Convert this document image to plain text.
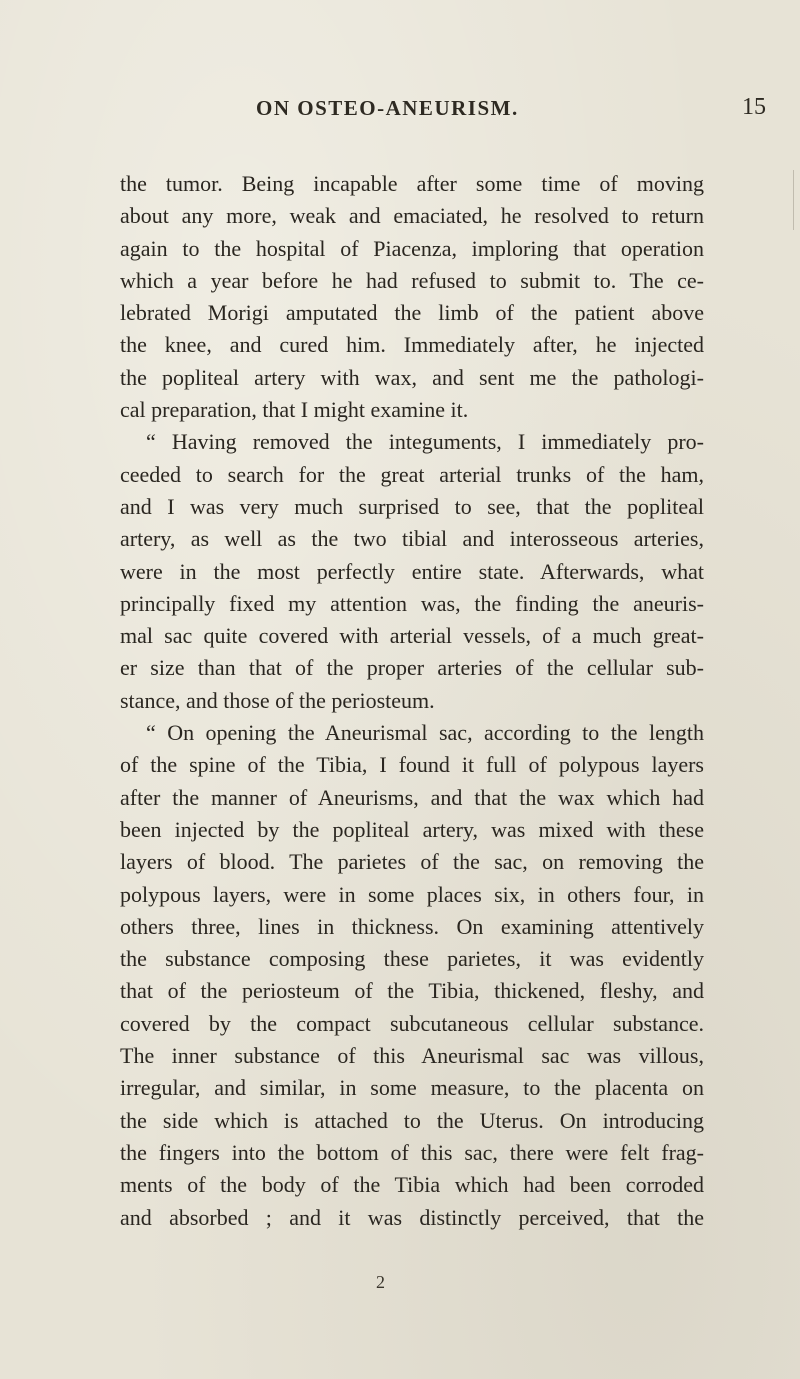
ON OSTEO-ANEURISM.	15
the tumor. Being incapable after some time of moving
about any more, weak and emaciated, he resolved to return
again to the hospital of Piacenza, imploring that operation
which a year before he had refused to submit to. The ce-
lebrated Morigi amputated the limb of the patient above
the knee, and cured him. Immediately after, he injected
the popliteal artery with wax, and sent me the pathologi-
cal preparation, that I might examine it.
“ Having removed the integuments, I immediately pro-
ceeded to search for the great arterial trunks of the ham,
and I was very much surprised to see, that the popliteal
artery, as well as the two tibial and interosseous arteries,
were in the most perfectly entire state. Afterwards, what
principally fixed my attention was, the finding the aneuris-
mal sac quite covered with arterial vessels, of a much great-
er size than that of the proper arteries of the cellular sub-
stance, and those of the periosteum.
“ On opening the Aneurismal sac, according to the length
of the spine of the Tibia, I found it full of polypous layers
after the manner of Aneurisms, and that the wax which had
been injected by the popliteal artery, was mixed with these
layers of blood. The parietes of the sac, on removing the
polypous layers, were in some places six, in others four, in
others three, lines in thickness. On examining attentively
the substance composing these parietes, it was evidently
that of the periosteum of the Tibia, thickened, fleshy, and
covered by the compact subcutaneous cellular substance.
The inner substance of this Aneurismal sac was villous,
irregular, and similar, in some measure, to the placenta on
the side which is attached to the Uterus. On introducing
the fingers into the bottom of this sac, there were felt frag-
ments of the body of the Tibia which had been corroded
and absorbed ; and it was distinctly perceived, that the
2
